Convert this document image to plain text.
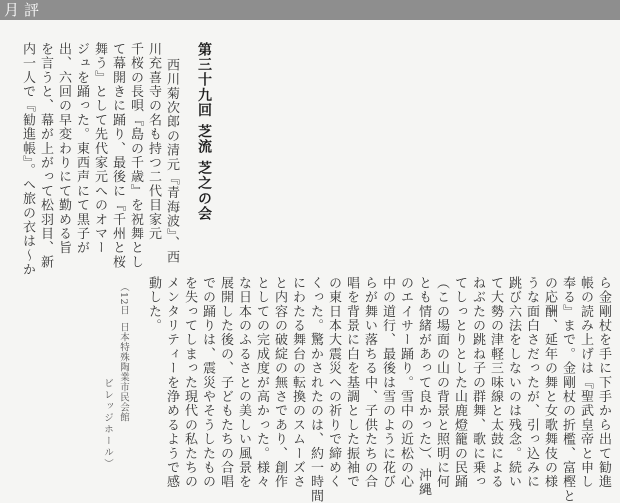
月評
第三十九回 芝流 芝之の会
西川菊次郎の清元『青海波』、西
川充喜寺の名も持つ二代目家元
千桜の長唄『島の千歳』を祝舞とし
て幕開きに踊り、最後に『千州と桜
舞う』として先代家元へのオマー
ジュを踊った。東西声にて黒子が
出、六回の早変わりにて勤める旨
を言うと、幕が上がって松羽目、新
内一人で『勧進帳』。へ旅の衣は〜か
ら金剛杖を手に下手から出て勧進
帳の読み上げは『聖武皇帝と申し
奉る』まで。金剛杖の折檻、富樫と
の応酬、延年の舞と女歌舞伎の様
うな面白さだったが、引っ込みに
跳び六法をしないのは残念。続い
て大勢の津軽三味線と太鼓による
ねぶたの跳ね子の群舞、歌に乗っ
てしっとりとした山鹿燈籠の民踊
（この場面の山の背景と照明に何
とも情緒があって良かった）、沖縄
のエイサー踊り。雪中の近松の心
中の道行、最後は雪のように花び
らが舞い落ちる中、子供たちの合
唱を背景に白を基調とした振袖で
の東日本大震災への祈りで締めく
くった。驚かされたのは、約一時間
にわたる舞台の転換のスムーズさ
と内容の破綻の無さであり、創作
としての完成度が高かった。様々
な日本のふるさとの美しい風景を
展開した後の、子どもたちの合唱
での踊りは、震災やそうしたもの
を失ってしまった現代の私たちの
メンタリティーを浄めるようで感
動した。
（12日
日本特殊陶業市民会館
ビレッジホール）
